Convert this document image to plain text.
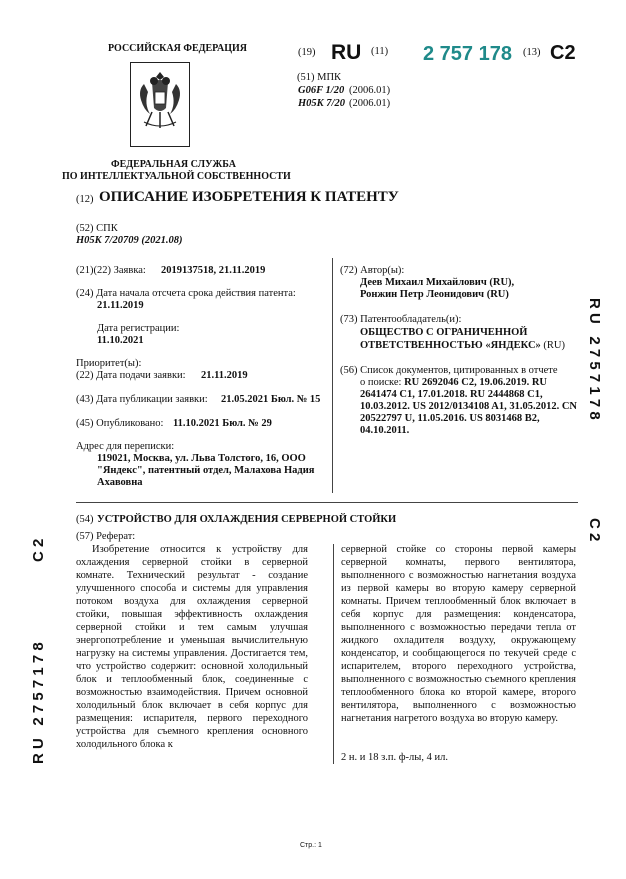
РОССИЙСКАЯ ФЕДЕРАЦИЯ
ФЕДЕРАЛЬНАЯ СЛУЖБА
ПО ИНТЕЛЛЕКТУАЛЬНОЙ СОБСТВЕННОСТИ
(19) RU (11) 2 757 178 (13) C2
(51) МПК
G06F 1/20 (2006.01)
H05K 7/20 (2006.01)
(12) ОПИСАНИЕ ИЗОБРЕТЕНИЯ К ПАТЕНТУ
(52) СПК
H05K 7/20709 (2021.08)
(21)(22) Заявка: 2019137518, 21.11.2019
(24) Дата начала отсчета срока действия патента:
21.11.2019
Дата регистрации:
11.10.2021
Приоритет(ы):
(22) Дата подачи заявки: 21.11.2019
(43) Дата публикации заявки: 21.05.2021 Бюл. № 15
(45) Опубликовано: 11.10.2021 Бюл. № 29
Адрес для переписки:
119021, Москва, ул. Льва Толстого, 16, ООО
"Яндекс", патентный отдел, Малахова Надия
Ахавовна
(72) Автор(ы):
Деев Михаил Михайлович (RU),
Ронжин Петр Леонидович (RU)
(73) Патентообладатель(и):
ОБЩЕСТВО С ОГРАНИЧЕННОЙ
ОТВЕТСТВЕННОСТЬЮ «ЯНДЕКС» (RU)
(56) Список документов, цитированных в отчете
о поиске: RU 2692046 C2, 19.06.2019. RU
2641474 C1, 17.01.2018. RU 2444868 C1,
10.03.2012. US 2012/0134108 A1, 31.05.2012. CN
20522797 U, 11.05.2016. US 8031468 B2,
04.10.2011.
(54) УСТРОЙСТВО ДЛЯ ОХЛАЖДЕНИЯ СЕРВЕРНОЙ СТОЙКИ
(57) Реферат:
Изобретение относится к устройству для охлаждения серверной стойки в серверной комнате. Технический результат - создание улучшенного способа и системы для управления потоком воздуха для охлаждения серверной стойки, повышая эффективность охлаждения серверной стойки и тем самым улучшая энергопотребление и уменьшая вычислительную нагрузку на системы управления. Достигается тем, что устройство содержит: основной холодильный блок и теплообменный блок, соединенные с возможностью взаимодействия. Причем основной холодильный блок включает в себя корпус для размещения: испарителя, первого переходного устройства для съемного крепления основного холодильного блока к
серверной стойке со стороны первой камеры серверной комнаты, первого вентилятора, выполненного с возможностью нагнетания воздуха из первой камеры во вторую камеру серверной комнаты. Причем теплообменный блок включает в себя корпус для размещения: конденсатора, выполненного с возможностью передачи тепла от жидкого охладителя воздуху, окружающему конденсатор, и сообщающегося по текучей среде с испарителем, второго переходного устройства, выполненного с возможностью съемного крепления теплообменного блока ко второй камере, второго вентилятора, выполненного с возможностью нагнетания нагретого воздуха во вторую камеру.
2 н. и 18 з.п. ф-лы, 4 ил.
R U   2 7 5 7 1 7 8
C 2
C 2
R U   2 7 5 7 1 7 8
Стр.: 1
